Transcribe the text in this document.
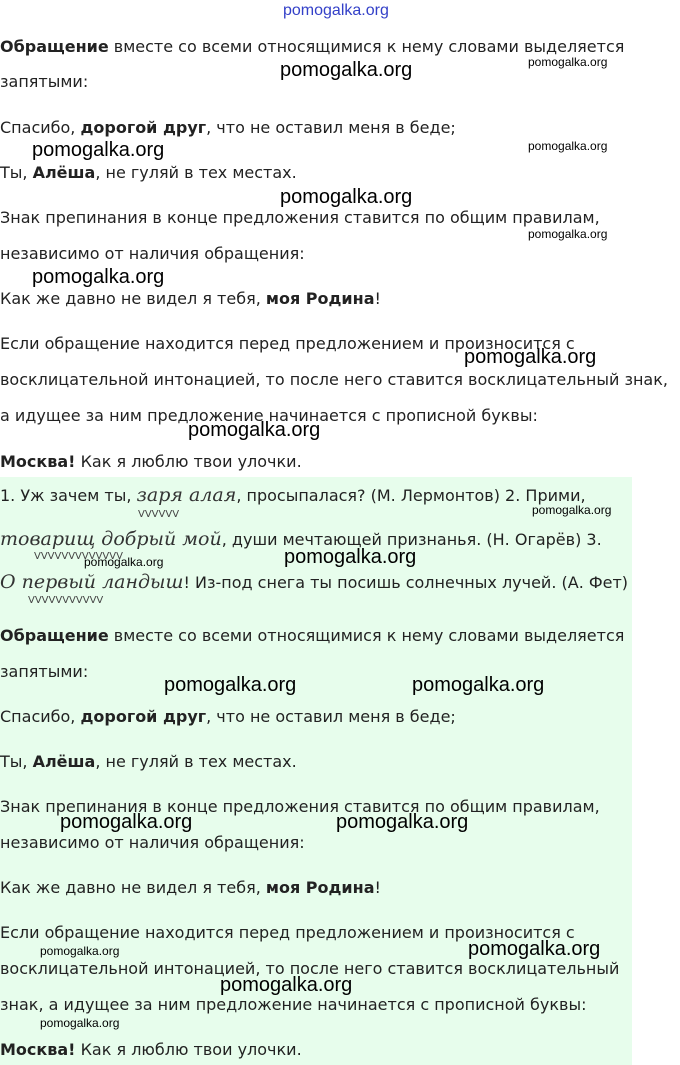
pomogalka.org
Обращение вместе со всеми относящимися к нему словами выделяется
запятыми:
Спасибо, дорогой друг, что не оставил меня в беде;
Ты, Алёша, не гуляй в тех местах.
Знак препинания в конце предложения ставится по общим правилам,
независимо от наличия обращения:
Как же давно не видел я тебя, моя Родина!
Если обращение находится перед предложением и произносится с
восклицательной интонацией, то после него ставится восклицательный знак,
а идущее за ним предложение начинается с прописной буквы:
Москва! Как я люблю твои улочки.
1. Уж зачем ты, заря алая, просыпалася? (М. Лермонтов) 2. Прими,
VVVVVV
товарищ добрый мой, души мечтающей признанья. (Н. Огарёв) 3.
VVVVVVVVVVVVV
О первый ландыш! Из-под снега ты посишь солнечных лучей. (А. Фет)
VVVVVVVVVVV
Обращение вместе со всеми относящимися к нему словами выделяется
запятыми:
Спасибо, дорогой друг, что не оставил меня в беде;
Ты, Алёша, не гуляй в тех местах.
Знак препинания в конце предложения ставится по общим правилам,
независимо от наличия обращения:
Как же давно не видел я тебя, моя Родина!
Если обращение находится перед предложением и произносится с
восклицательной интонацией, то после него ставится восклицательный
знак, а идущее за ним предложение начинается с прописной буквы:
Москва! Как я люблю твои улочки.
pomogalka.org	pomogalka.org
pomogalka.org	pomogalka.org
pomogalka.org
pomogalka.org
pomogalka.org
pomogalka.org
pomogalka.org
pomogalka.org
pomogalka.org
pomogalka.org
pomogalka.org	pomogalka.org
pomogalka.org	pomogalka.org
pomogalka.org	pomogalka.org
pomogalka.org
pomogalka.org
